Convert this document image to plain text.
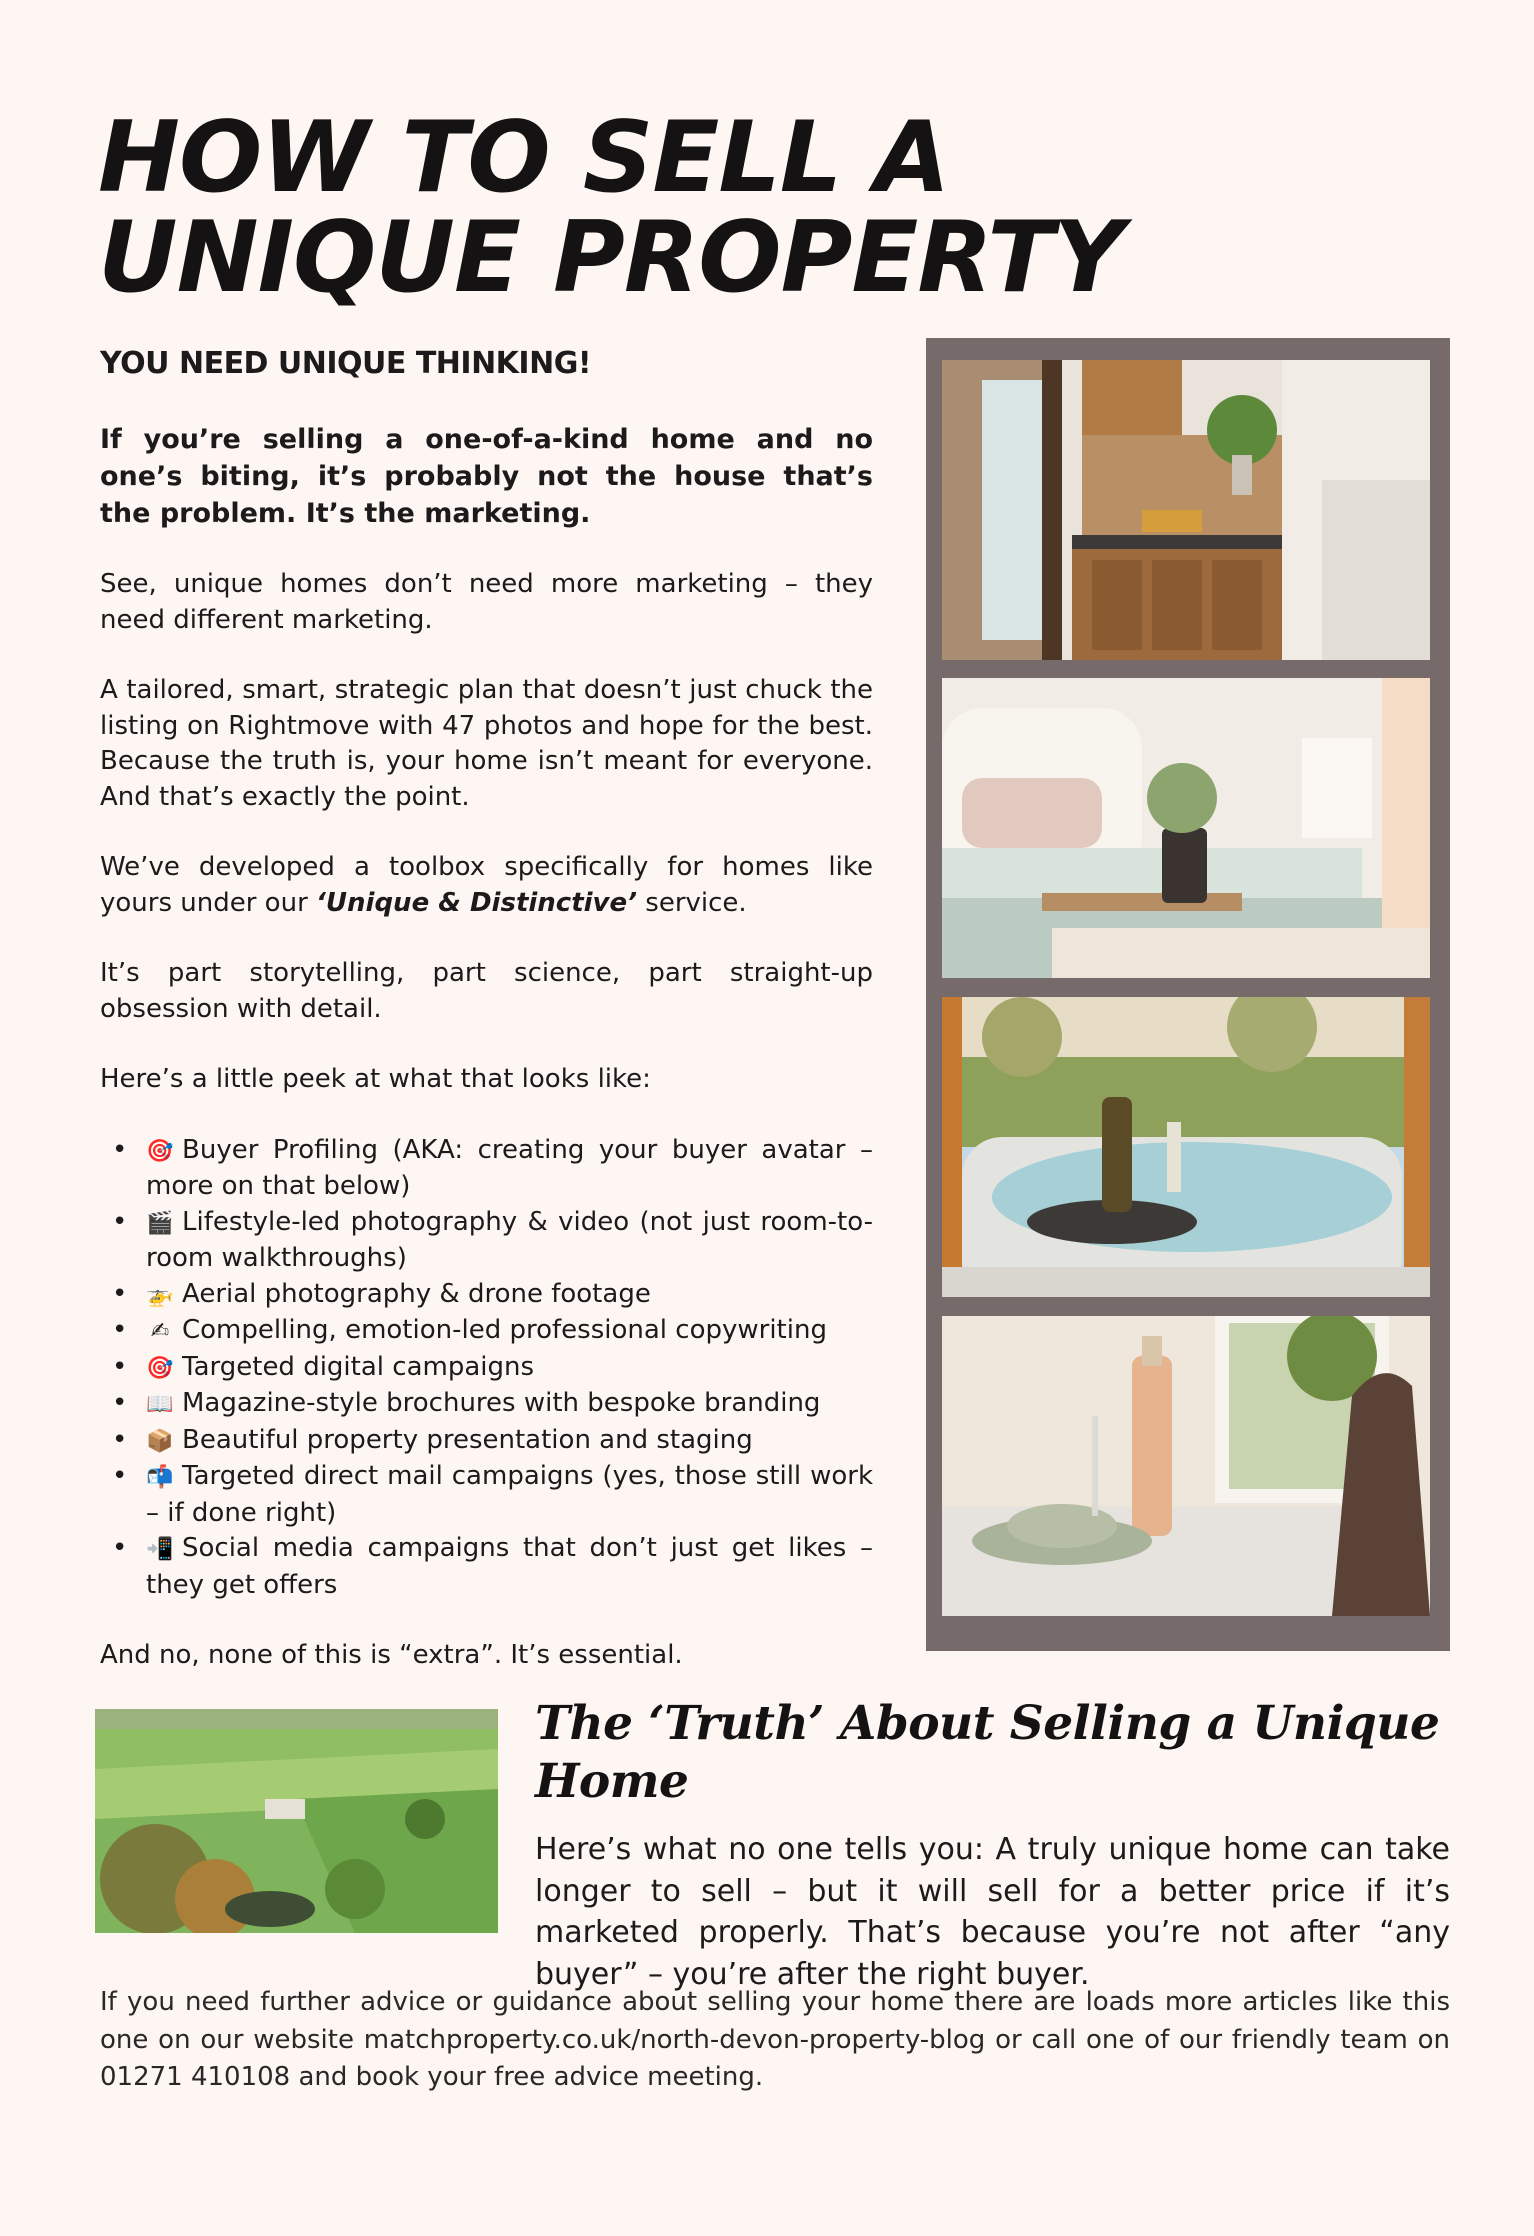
HOW TO SELL A
UNIQUE PROPERTY
YOU NEED UNIQUE THINKING!

If you’re selling a one-of-a-kind home and no one’s biting, it’s probably not the house that’s the problem. It’s the marketing.

See, unique homes don’t need more marketing – they need different marketing.

A tailored, smart, strategic plan that doesn’t just chuck the listing on Rightmove with 47 photos and hope for the best. Because the truth is, your home isn’t meant for everyone. And that’s exactly the point.

We’ve developed a toolbox specifically for homes like yours under our ‘Unique & Distinctive’ service.

It’s part storytelling, part science, part straight-up obsession with detail.

Here’s a little peek at what that looks like:

• 🎯 Buyer Profiling (AKA: creating your buyer avatar – more on that below)
• 🎬 Lifestyle-led photography & video (not just room-to-room walkthroughs)
• 🚁 Aerial photography & drone footage
• ✍ Compelling, emotion-led professional copywriting
• 🎯 Targeted digital campaigns
• 📖 Magazine-style brochures with bespoke branding
• 📦 Beautiful property presentation and staging
• 📬 Targeted direct mail campaigns (yes, those still work – if done right)
• 📲 Social media campaigns that don’t just get likes – they get offers

And no, none of this is “extra”. It’s essential.

The ‘Truth’ About Selling a Unique Home

Here’s what no one tells you: A truly unique home can take longer to sell – but it will sell for a better price if it’s marketed properly. That’s because you’re not after “any buyer” – you’re after the right buyer.

If you need further advice or guidance about selling your home there are loads more articles like this one on our website matchproperty.co.uk/north-devon-property-blog or call one of our friendly team on 01271 410108 and book your free advice meeting.
